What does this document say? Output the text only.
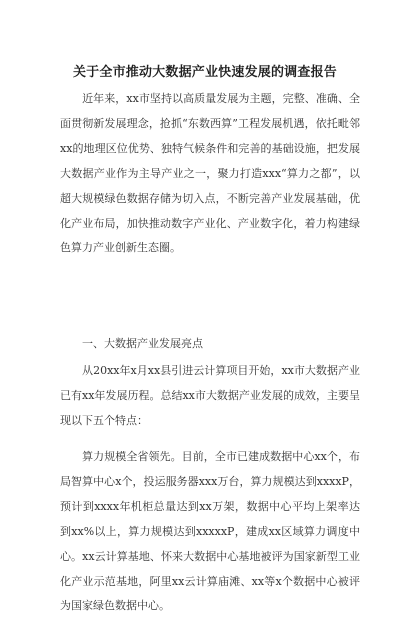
关于全市推动大数据产业快速发展的调查报告

　　近年来，xx市坚持以高质量发展为主题，完整、准确、全面贯彻新发展理念，抢抓“东数西算”工程发展机遇，依托毗邻xx的地理区位优势、独特气候条件和完善的基础设施，把发展大数据产业作为主导产业之一，聚力打造xxx“算力之都”，以超大规模绿色数据存储为切入点，不断完善产业发展基础，优化产业布局，加快推动数字产业化、产业数字化，着力构建绿色算力产业创新生态圈。

　　一、大数据产业发展亮点

　　从20xx年x月xx县引进云计算项目开始，xx市大数据产业已有xx年发展历程。总结xx市大数据产业发展的成效，主要呈现以下五个特点：

　　算力规模全省领先。目前，全市已建成数据中心xx个，布局智算中心x个，投运服务器xxx万台，算力规模达到xxxxP，预计到xxxx年机柜总量达到xx万架，数据中心平均上架率达到xx%以上，算力规模达到xxxxxP，建成xx区域算力调度中心。xx云计算基地、怀来大数据中心基地被评为国家新型工业化产业示范基地，阿里xx云计算庙滩、xx等x个数据中心被评为国家绿色数据中心。
